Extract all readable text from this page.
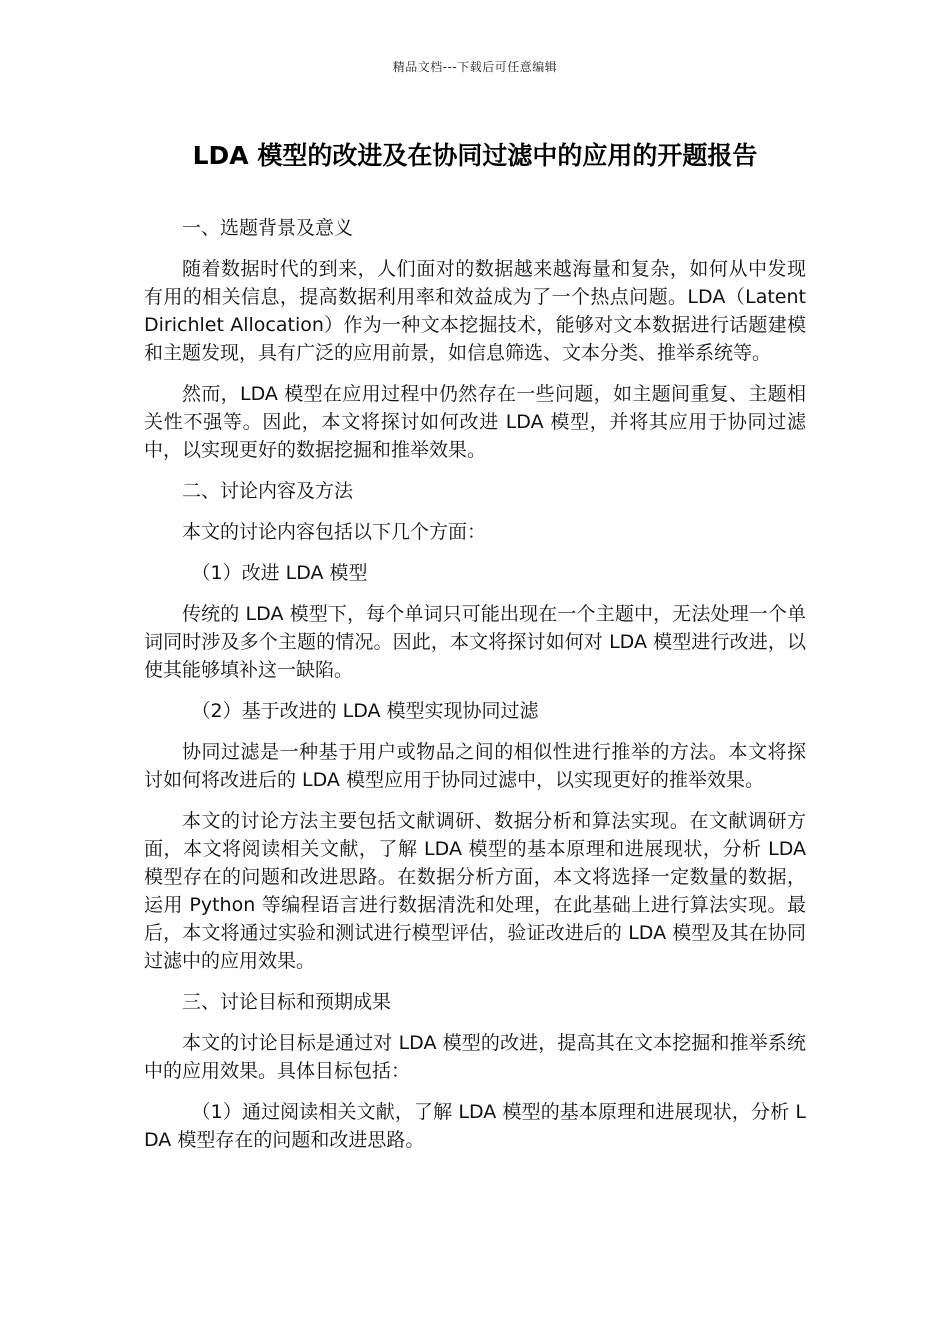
精品文档---下载后可任意编辑
LDA 模型的改进及在协同过滤中的应用的开题报告

一、选题背景及意义

随着数据时代的到来，人们面对的数据越来越海量和复杂，如何从中发现有用的相关信息，提高数据利用率和效益成为了一个热点问题。LDA（Latent Dirichlet Allocation）作为一种文本挖掘技术，能够对文本数据进行话题建模和主题发现，具有广泛的应用前景，如信息筛选、文本分类、推举系统等。

然而，LDA 模型在应用过程中仍然存在一些问题，如主题间重复、主题相关性不强等。因此，本文将探讨如何改进 LDA 模型，并将其应用于协同过滤中，以实现更好的数据挖掘和推举效果。

二、讨论内容及方法

本文的讨论内容包括以下几个方面：

（1）改进 LDA 模型

传统的 LDA 模型下，每个单词只可能出现在一个主题中，无法处理一个单词同时涉及多个主题的情况。因此，本文将探讨如何对 LDA 模型进行改进，以使其能够填补这一缺陷。

（2）基于改进的 LDA 模型实现协同过滤

协同过滤是一种基于用户或物品之间的相似性进行推举的方法。本文将探讨如何将改进后的 LDA 模型应用于协同过滤中，以实现更好的推举效果。

本文的讨论方法主要包括文献调研、数据分析和算法实现。在文献调研方面，本文将阅读相关文献，了解 LDA 模型的基本原理和进展现状，分析 LDA 模型存在的问题和改进思路。在数据分析方面，本文将选择一定数量的数据，运用 Python 等编程语言进行数据清洗和处理，在此基础上进行算法实现。最后，本文将通过实验和测试进行模型评估，验证改进后的 LDA 模型及其在协同过滤中的应用效果。

三、讨论目标和预期成果

本文的讨论目标是通过对 LDA 模型的改进，提高其在文本挖掘和推举系统中的应用效果。具体目标包括：

（1）通过阅读相关文献，了解 LDA 模型的基本原理和进展现状，分析 LDA 模型存在的问题和改进思路。
